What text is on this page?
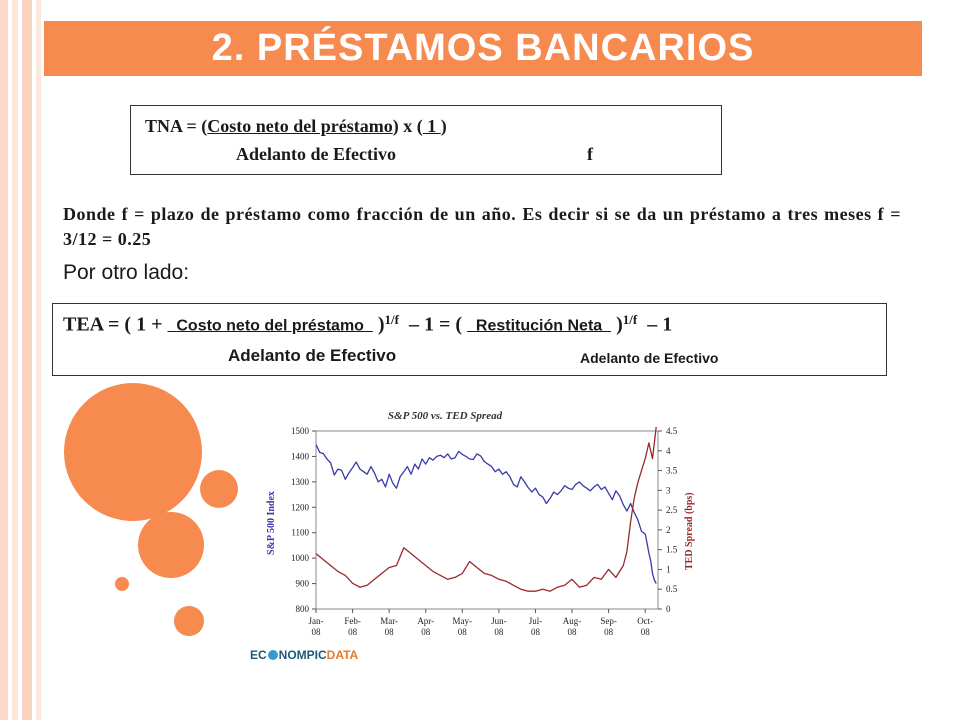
2. PRÉSTAMOS BANCARIOS
TNA = (Costo neto del préstamo) x ( 1 )
Adelanto de Efectivo	f
Donde f = plazo de préstamo como fracción de un año. Es decir si se da un préstamo a tres meses f = 3/12 = 0.25
Por otro lado:
TEA = ( 1 +   Costo neto del préstamo   )$^{1/f}$ – 1 = (   Restitución Neta   )$^{1/f}$ – 1
Adelanto de Efectivo	Adelanto de Efectivo
S&P 500 vs. TED Spread
800
900
1000
1100
1200
1300
1400
1500
0
0.5
1
1.5
2
2.5
3
3.5
4
4.5
Jan-
08
Feb-
08
Mar-
08
Apr-
08
May-
08
Jun-
08
Jul-
08
Aug-
08
Sep-
08
Oct-
08
S&P 500 Index	TED Spread (bps)
EC NOMPICDATA
